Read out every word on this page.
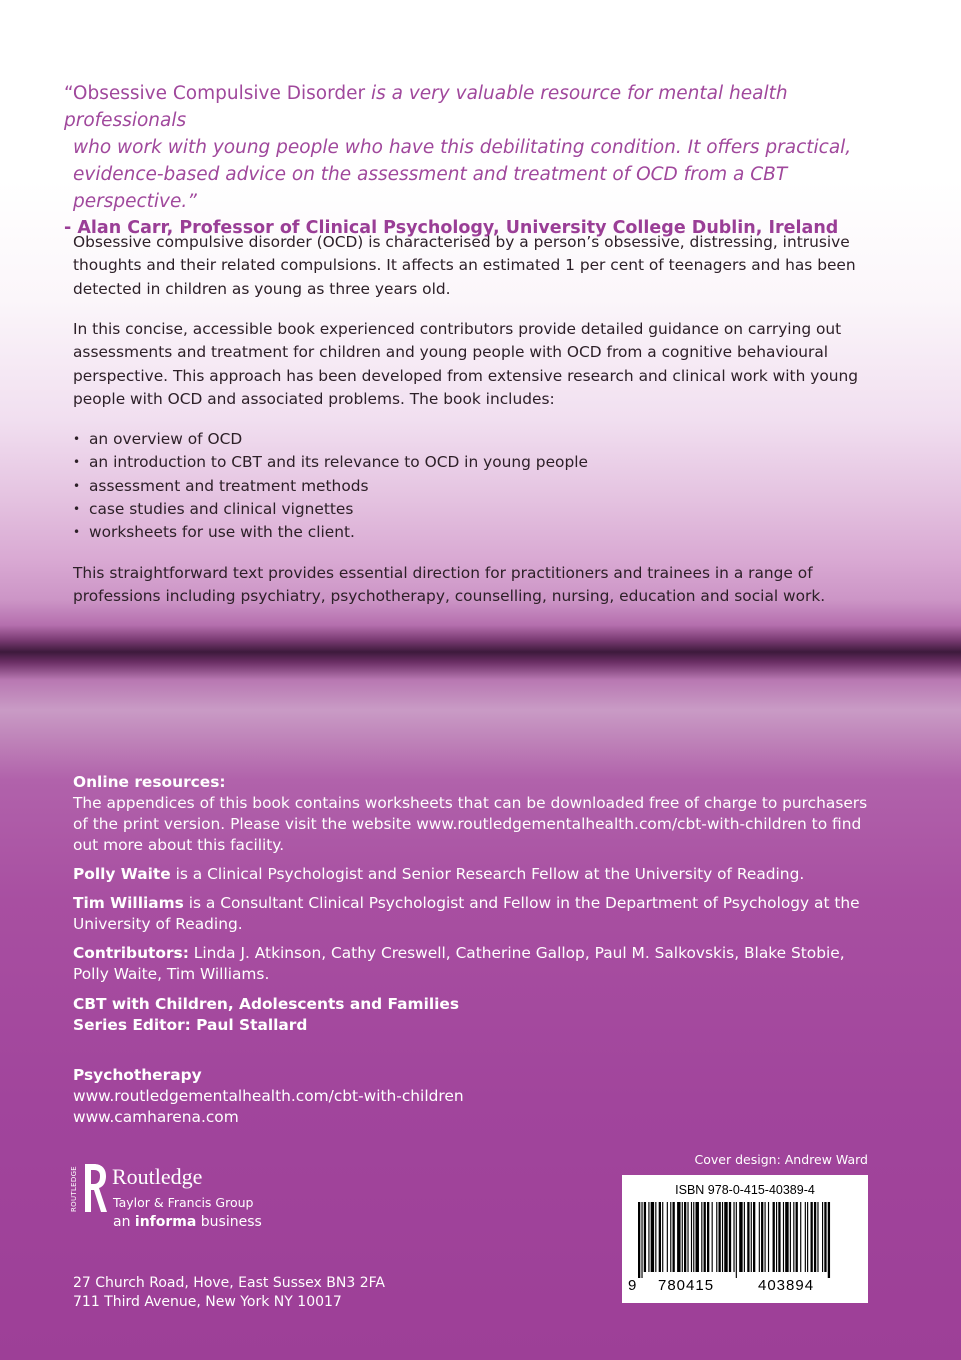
“Obsessive Compulsive Disorder is a very valuable resource for mental health professionals
who work with young people who have this debilitating condition. It offers practical,
evidence-based advice on the assessment and treatment of OCD from a CBT perspective.”
- Alan Carr, Professor of Clinical Psychology, University College Dublin, Ireland

Obsessive compulsive disorder (OCD) is characterised by a person’s obsessive, distressing, intrusive thoughts and their related compulsions. It affects an estimated 1 per cent of teenagers and has been detected in children as young as three years old.

In this concise, accessible book experienced contributors provide detailed guidance on carrying out assessments and treatment for children and young people with OCD from a cognitive behavioural perspective. This approach has been developed from extensive research and clinical work with young people with OCD and associated problems. The book includes:

• an overview of OCD
• an introduction to CBT and its relevance to OCD in young people
• assessment and treatment methods
• case studies and clinical vignettes
• worksheets for use with the client.

This straightforward text provides essential direction for practitioners and trainees in a range of professions including psychiatry, psychotherapy, counselling, nursing, education and social work.

Online resources:
The appendices of this book contains worksheets that can be downloaded free of charge to purchasers of the print version. Please visit the website www.routledgementalhealth.com/cbt-with-children to find out more about this facility.
Polly Waite is a Clinical Psychologist and Senior Research Fellow at the University of Reading.
Tim Williams is a Consultant Clinical Psychologist and Fellow in the Department of Psychology at the University of Reading.
Contributors: Linda J. Atkinson, Cathy Creswell, Catherine Gallop, Paul M. Salkovskis, Blake Stobie, Polly Waite, Tim Williams.
CBT with Children, Adolescents and Families
Series Editor: Paul Stallard
Psychotherapy
www.routledgementalhealth.com/cbt-with-children
www.camharena.com
ROUTLEDGE Routledge
Taylor & Francis Group
an informa business
27 Church Road, Hove, East Sussex BN3 2FA
711 Third Avenue, New York NY 10017
Cover design: Andrew Ward
ISBN 978-0-415-40389-4
9 780415	403894
